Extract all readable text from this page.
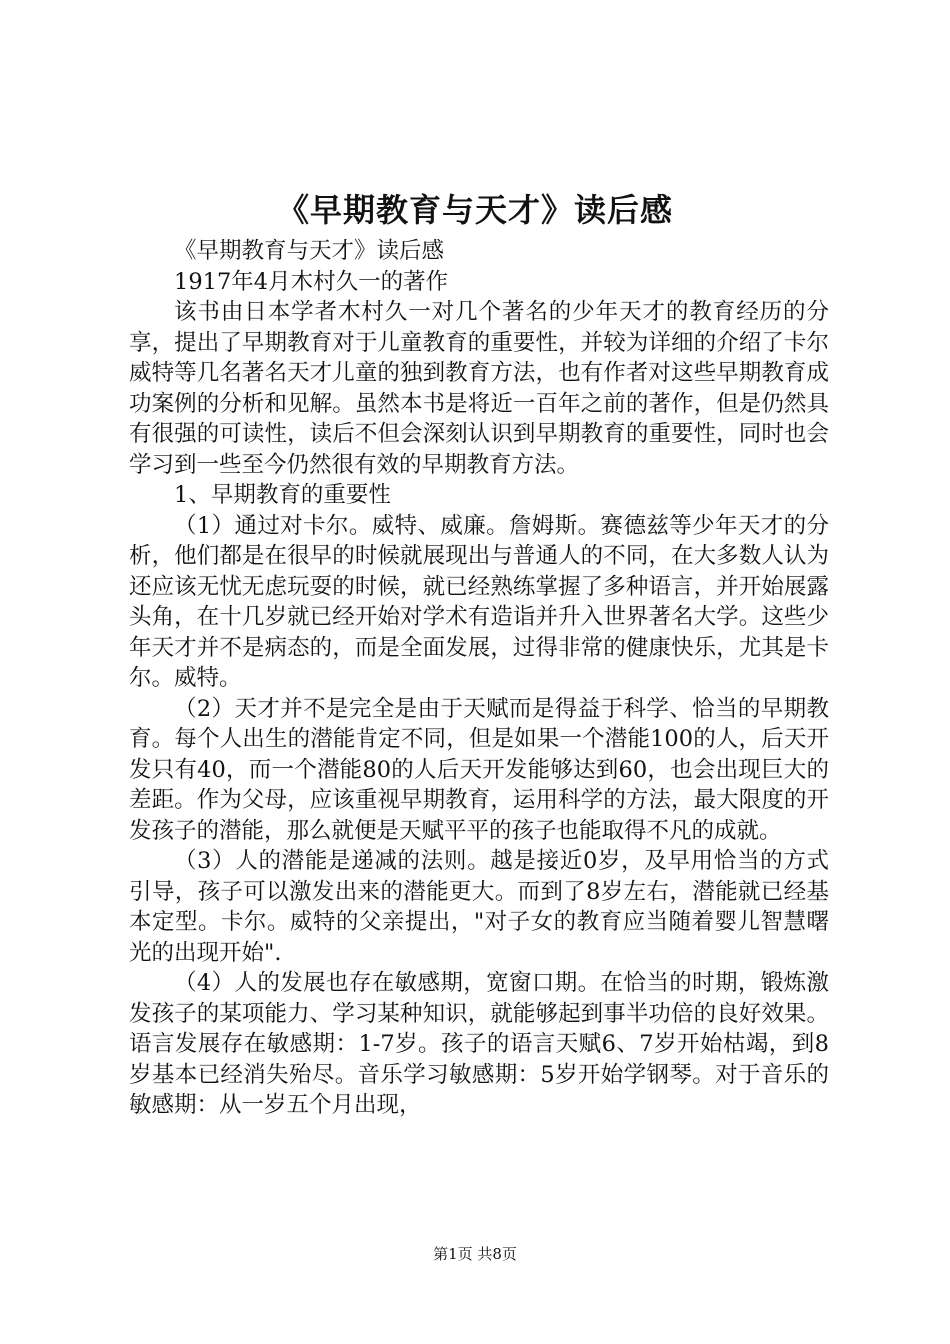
《早期教育与天才》读后感

《早期教育与天才》读后感

1917年4月木村久一的著作

该书由日本学者木村久一对几个著名的少年天才的教育经历的分享，提出了早期教育对于儿童教育的重要性，并较为详细的介绍了卡尔威特等几名著名天才儿童的独到教育方法，也有作者对这些早期教育成功案例的分析和见解。虽然本书是将近一百年之前的著作，但是仍然具有很强的可读性，读后不但会深刻认识到早期教育的重要性，同时也会学习到一些至今仍然很有效的早期教育方法。

1、早期教育的重要性

（1）通过对卡尔。威特、威廉。詹姆斯。赛德兹等少年天才的分析，他们都是在很早的时候就展现出与普通人的不同，在大多数人认为还应该无忧无虑玩耍的时候，就已经熟练掌握了多种语言，并开始展露头角，在十几岁就已经开始对学术有造诣并升入世界著名大学。这些少年天才并不是病态的，而是全面发展，过得非常的健康快乐，尤其是卡尔。威特。

（2）天才并不是完全是由于天赋而是得益于科学、恰当的早期教育。每个人出生的潜能肯定不同，但是如果一个潜能100的人，后天开发只有40，而一个潜能80的人后天开发能够达到60，也会出现巨大的差距。作为父母，应该重视早期教育，运用科学的方法，最大限度的开发孩子的潜能，那么就便是天赋平平的孩子也能取得不凡的成就。

（3）人的潜能是递减的法则。越是接近0岁，及早用恰当的方式引导，孩子可以激发出来的潜能更大。而到了8岁左右，潜能就已经基本定型。卡尔。威特的父亲提出，"对子女的教育应当随着婴儿智慧曙光的出现开始".

（4）人的发展也存在敏感期，宽窗口期。在恰当的时期，锻炼激发孩子的某项能力、学习某种知识，就能够起到事半功倍的良好效果。语言发展存在敏感期：1-7岁。孩子的语言天赋6、7岁开始枯竭，到8岁基本已经消失殆尽。音乐学习敏感期：5岁开始学钢琴。对于音乐的敏感期：从一岁五个月出现，

第1页 共8页
